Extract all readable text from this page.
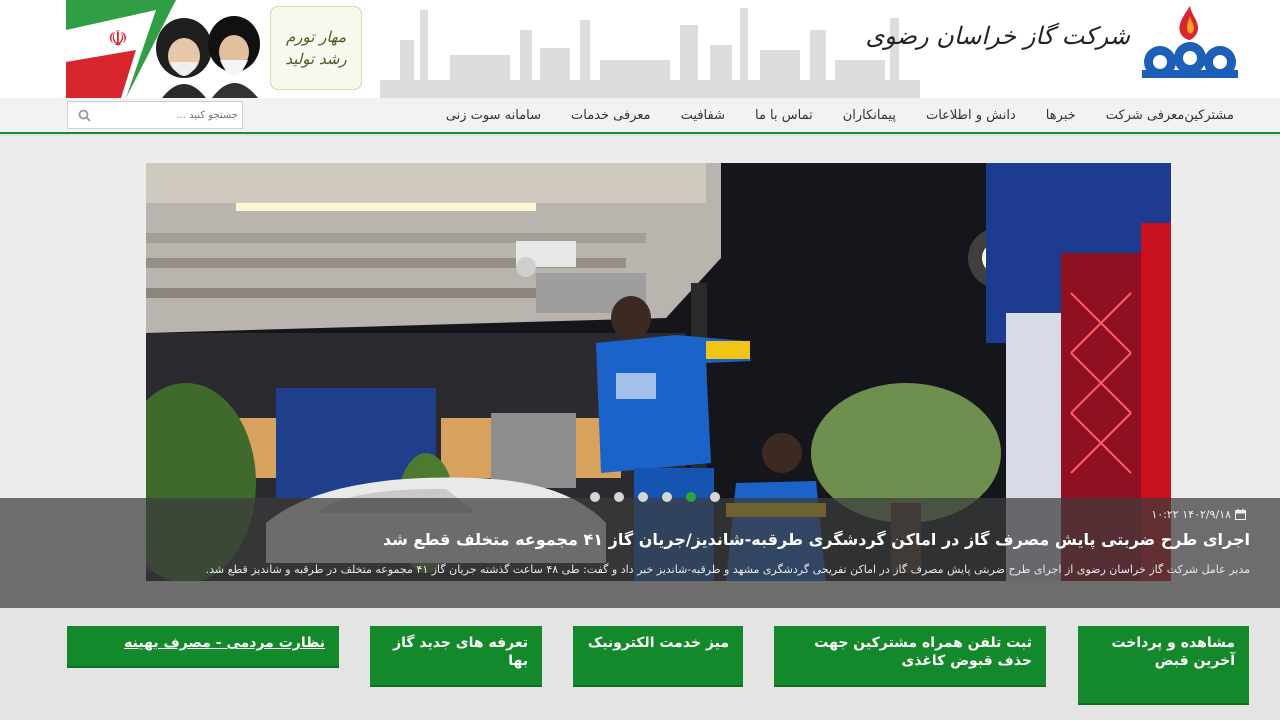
☫	مهار تورم
رشد تولید
شرکت گاز خراسان رضوی
مشترکین
معرفی شرکت
خبرها
دانش و اطلاعات
پیمانکاران
تماس با ما
شفافیت
معرفی خدمات
سامانه سوت زنی
جستجو کنید ...
۱۴۰۲/۹/۱۸ ۱۰:۲۲
اجرای طرح ضربتی پایش مصرف گاز در اماکن گردشگری طرقبه-شاندیز/جریان گاز ۴۱ مجموعه متخلف قطع شد
مدیر عامل شرکت گاز خراسان رضوی از اجرای طرح ضربتی پایش مصرف گاز در اماکن تفریحی گردشگری مشهد و طرقبه-شاندیز خبر داد و گفت: طی ۴۸ ساعت گذشته جریان گاز ۴۱ مجموعه متخلف در طرقبه و شاندیز قطع شد.
مشاهده و پرداخت آخرین قبض
ثبت تلفن همراه مشترکین جهت حذف قبوض کاغذی
میز خدمت الکترونیک
تعرفه های جدید گاز بها
نظارت مردمی - مصرف بهینه
